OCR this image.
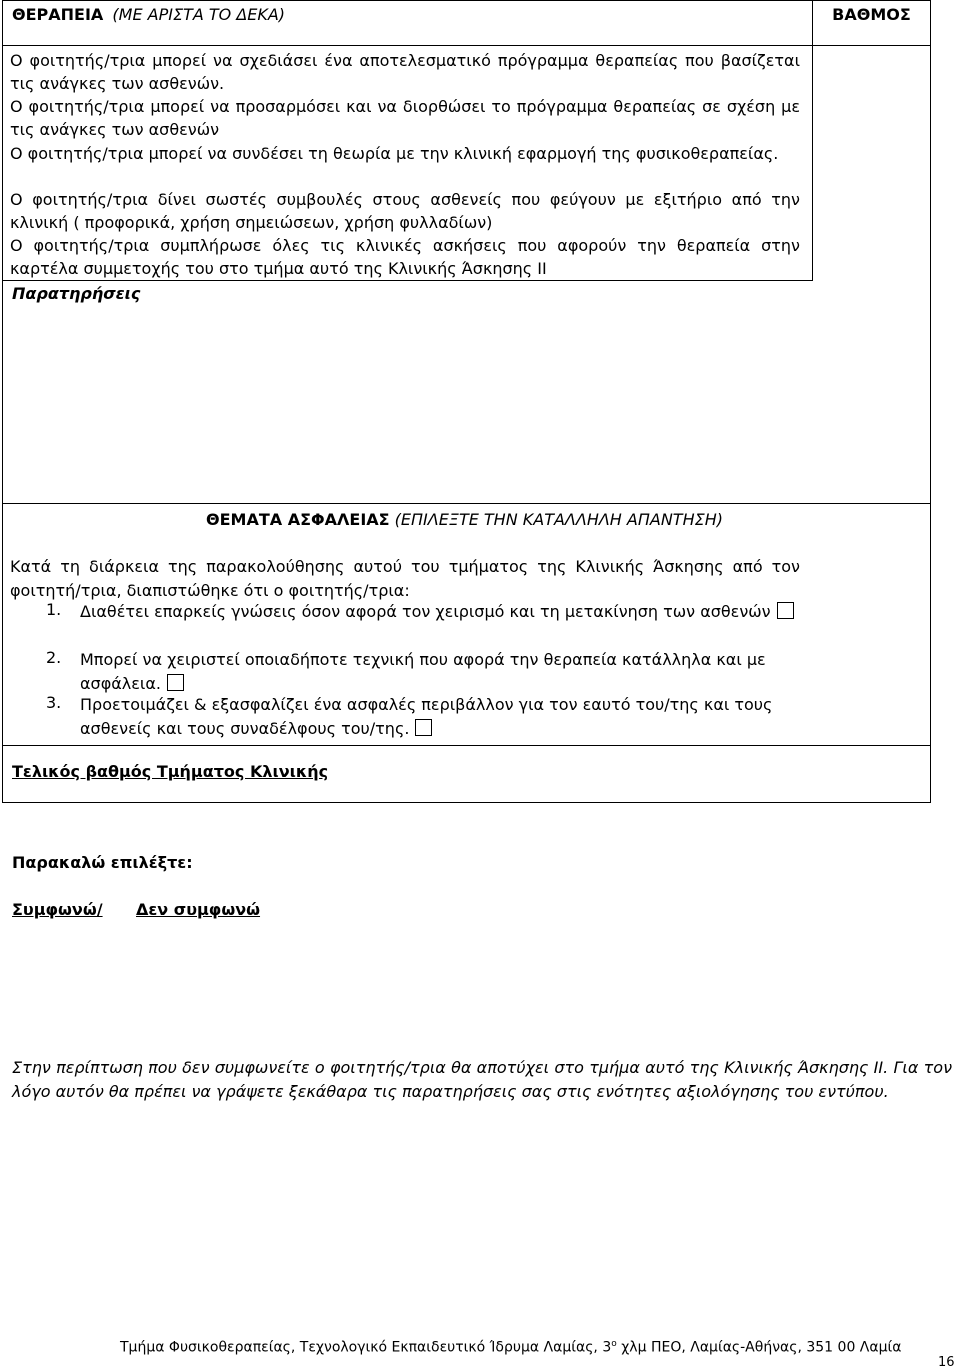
ΘΕΡΑΠΕΙΑ (ΜΕ ΑΡΙΣΤΑ ΤΟ ΔΕΚΑ)	ΒΑΘΜΟΣ
Ο φοιτητής/τρια μπορεί να σχεδιάσει ένα αποτελεσματικό πρόγραμμα θεραπείας που βασίζεται τις ανάγκες των ασθενών.
Ο φοιτητής/τρια μπορεί να προσαρμόσει και να διορθώσει το πρόγραμμα θεραπείας σε σχέση με τις ανάγκες των ασθενών
Ο φοιτητής/τρια μπορεί να συνδέσει τη θεωρία με την κλινική εφαρμογή της φυσικοθεραπείας.
Ο φοιτητής/τρια δίνει σωστές συμβουλές στους ασθενείς που φεύγουν με εξιτήριο από την κλινική ( προφορικά, χρήση σημειώσεων, χρήση φυλλαδίων)
Ο φοιτητής/τρια συμπλήρωσε όλες τις κλινικές ασκήσεις που αφορούν την θεραπεία στην καρτέλα συμμετοχής του στο τμήμα αυτό της Κλινικής Άσκησης ΙΙ
Παρατηρήσεις
ΘΕΜΑΤΑ ΑΣΦΑΛΕΙΑΣ (ΕΠΙΛΕΞΤΕ ΤΗΝ ΚΑΤΑΛΛΗΛΗ ΑΠΑΝΤΗΣΗ)
Κατά τη διάρκεια της παρακολούθησης αυτού του τμήματος της Κλινικής Άσκησης από τον φοιτητή/τρια, διαπιστώθηκε ότι ο φοιτητής/τρια:
1. Διαθέτει επαρκείς γνώσεις όσον αφορά τον χειρισμό και τη μετακίνηση των ασθενών
2. Μπορεί να χειριστεί οποιαδήποτε τεχνική που αφορά την θεραπεία κατάλληλα και με ασφάλεια.
3. Προετοιμάζει & εξασφαλίζει ένα ασφαλές περιβάλλον για τον εαυτό του/της και τους ασθενείς και τους συναδέλφους του/της.
Τελικός βαθμός Τμήματος Κλινικής
Παρακαλώ επιλέξτε:
Συμφωνώ/ Δεν συμφωνώ
Στην περίπτωση που δεν συμφωνείτε ο φοιτητής/τρια θα αποτύχει στο τμήμα αυτό της Κλινικής Άσκησης ΙΙ. Για τον λόγο αυτόν θα πρέπει να γράψετε ξεκάθαρα τις παρατηρήσεις σας στις ενότητες αξιολόγησης του εντύπου.
Τμήμα Φυσικοθεραπείας, Τεχνολογικό Εκπαιδευτικό Ίδρυμα Λαμίας, $3^o$ χλμ ΠΕΟ, Λαμίας-Αθήνας, 351 00 Λαμία
16
